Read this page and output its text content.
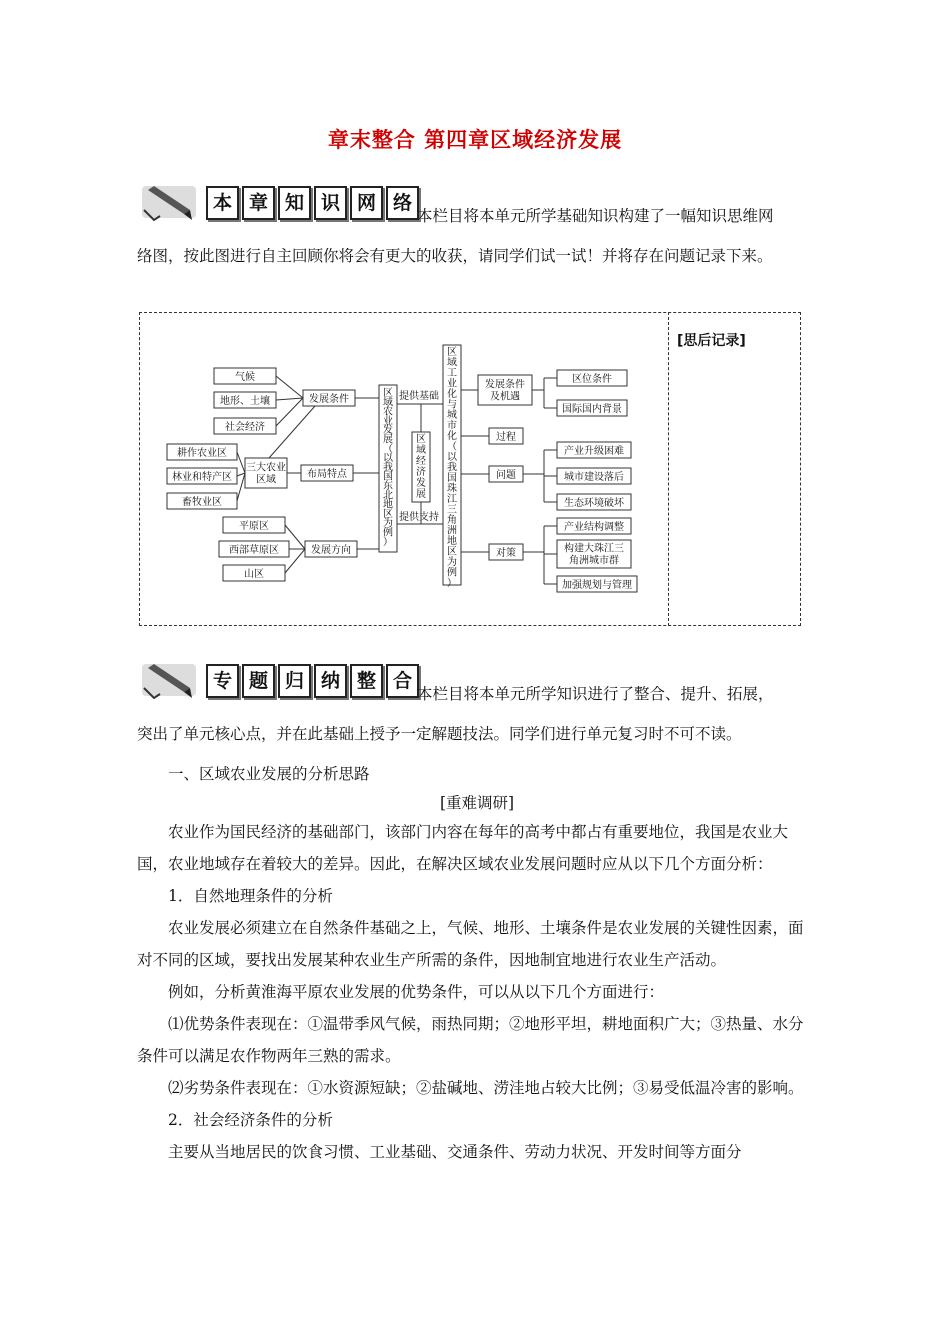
章末整合 第四章区域经济发展
本 章 知 识 网 络

本栏目将本单元所学基础知识构建了一幅知识思维网

络图，按此图进行自主回顾你将会有更大的收获，请同学们试一试！并将存在问题记录下来。

[思后记录]
气候
地形、土壤
社会经济
耕作农业区
林业和特产区
畜牧业区
平原区
西部草原区
山区
发展条件
三大农业区域	布局特点
发展方向
区域农业发展（以我国东北地区为例）
区域经济发展
区域工业化与城市化（以我国珠江三角洲地区为例）
提供基础
提供支持
发展条件及机遇
过程
问题
对策
区位条件
国际国内背景
产业升级困难
城市建设落后
生态环境破坏
产业结构调整
构建大珠江三角洲城市群
加强规划与管理
专 题 归 纳 整 合

本栏目将本单元所学知识进行了整合、提升、拓展，

突出了单元核心点，并在此基础上授予一定解题技法。同学们进行单元复习时不可不读。

一、区域农业发展的分析思路

[重难调研]

农业作为国民经济的基础部门，该部门内容在每年的高考中都占有重要地位，我国是农业大国，农业地域存在着较大的差异。因此，在解决区域农业发展问题时应从以下几个方面分析：

1．自然地理条件的分析

农业发展必须建立在自然条件基础之上，气候、地形、土壤条件是农业发展的关键性因素，面对不同的区域，要找出发展某种农业生产所需的条件，因地制宜地进行农业生产活动。

例如，分析黄淮海平原农业发展的优势条件，可以从以下几个方面进行：

⑴优势条件表现在：①温带季风气候，雨热同期；②地形平坦，耕地面积广大；③热量、水分条件可以满足农作物两年三熟的需求。

⑵劣势条件表现在：①水资源短缺；②盐碱地、涝洼地占较大比例；③易受低温冷害的影响。

2．社会经济条件的分析

主要从当地居民的饮食习惯、工业基础、交通条件、劳动力状况、开发时间等方面分
